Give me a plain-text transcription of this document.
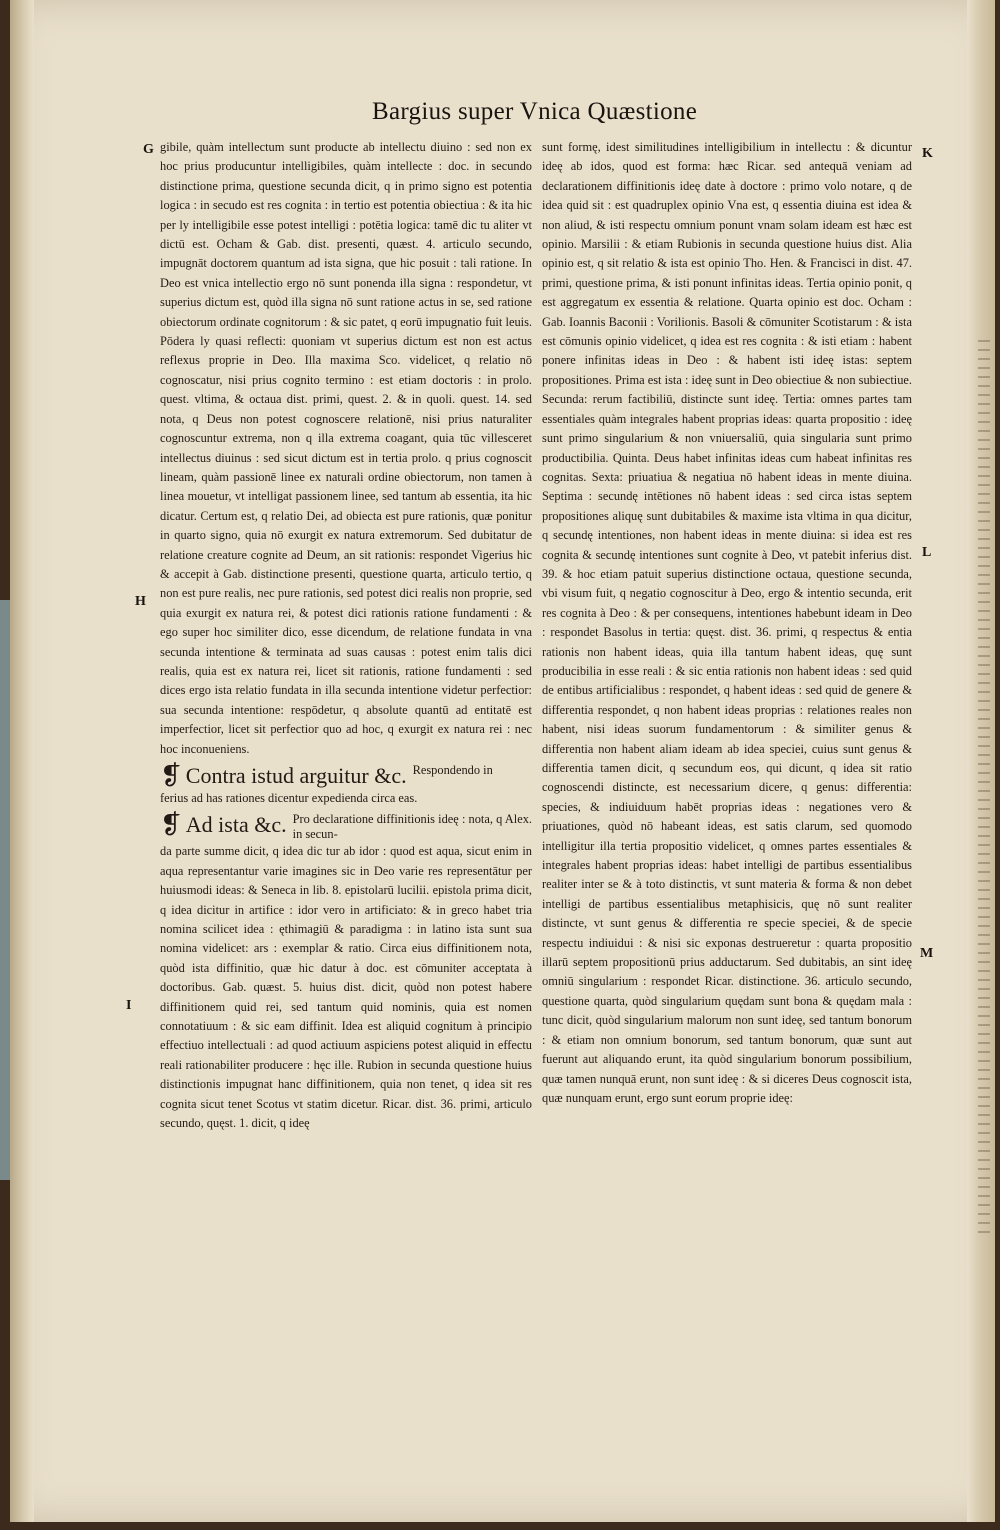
Bargius super Vnica Quæstione
G
H
I
K
L
M

gibile, quàm intellectum sunt producte ab intellectu diuino : sed non ex hoc prius producuntur intelligibiles, quàm intellecte : doc. in secundo distinctione prima, questione secunda dicit, q in primo signo est potentia logica : in secudo est res cognita : in tertio est potentia obiectiua : & ita hic per ly intelligibile esse potest intelligi : potētia logica: tamē dic tu aliter vt dictū est. Ocham & Gab. dist. presenti, quæst. 4. articulo secundo, impugnāt doctorem quantum ad ista signa, que hic posuit : tali ratione. In Deo est vnica intellectio ergo nō sunt ponenda illa signa : respondetur, vt superius dictum est, quòd illa signa nō sunt ratione actus in se, sed ratione obiectorum ordinate cognitorum : & sic patet, q eorū impugnatio fuit leuis. Pōdera ly quasi reflecti: quoniam vt superius dictum est non est actus reflexus proprie in Deo. Illa maxima Sco. videlicet, q relatio nō cognoscatur, nisi prius cognito termino : est etiam doctoris : in prolo. quest. vltima, & octaua dist. primi, quest. 2. & in quoli. quest. 14. sed nota, q Deus non potest cognoscere relationē, nisi prius naturaliter cognoscuntur extrema, non q illa extrema coagant, quia tūc villesceret intellectus diuinus : sed sicut dictum est in tertia prolo. q prius cognoscit lineam, quàm passionē linee ex naturali ordine obiectorum, non tamen à linea mouetur, vt intelligat passionem linee, sed tantum ab essentia, ita hic dicatur. Certum est, q relatio Dei, ad obiecta est pure rationis, quæ ponitur in quarto signo, quia nō exurgit ex natura extremorum. Sed dubitatur de relatione creature cognite ad Deum, an sit rationis: respondet Vigerius hic & accepit à Gab. distinctione presenti, questione quarta, articulo tertio, q non est pure realis, nec pure rationis, sed potest dici realis non proprie, sed quia exurgit ex natura rei, & potest dici rationis ratione fundamenti : & ego super hoc similiter dico, esse dicendum, de relatione fundata in vna secunda intentione & terminata ad suas causas : potest enim talis dici realis, quia est ex natura rei, licet sit rationis, ratione fundamenti : sed dices ergo ista relatio fundata in illa secunda intentione videtur perfectior: sua secunda intentione: respōdetur, q absolute quantū ad entitatē est imperfectior, licet sit perfectior quo ad hoc, q exurgit ex natura rei : nec hoc inconueniens.

❡ Contra istud arguitur &c. Respondendo in

ferius ad has rationes dicentur expedienda circa eas.

❡ Ad ista &c. Pro declaratione diffinitionis ideę : nota, q Alex. in secun-

da parte summe dicit, q idea dic tur ab idor : quod est aqua, sicut enim in aqua representantur varie imagines sic in Deo varie res representātur per huiusmodi ideas: & Seneca in lib. 8. epistolarū lucilii. epistola prima dicit, q idea dicitur in artifice : idor vero in artificiato: & in greco habet tria nomina scilicet idea : ęthimagiū & paradigma : in latino ista sunt sua nomina videlicet: ars : exemplar & ratio. Circa eius diffinitionem nota, quòd ista diffinitio, quæ hic datur à doc. est cōmuniter acceptata à doctoribus. Gab. quæst. 5. huius dist. dicit, quòd non potest habere diffinitionem quid rei, sed tantum quid nominis, quia est nomen connotatiuum : & sic eam diffinit. Idea est aliquid cognitum à principio effectiuo intellectuali : ad quod actiuum aspiciens potest aliquid in effectu reali rationabiliter producere : hęc ille. Rubion in secunda questione huius distinctionis impugnat hanc diffinitionem, quia non tenet, q idea sit res cognita sicut tenet Scotus vt statim dicetur. Ricar. dist. 36. primi, articulo secundo, quęst. 1. dicit, q ideę

sunt formę, idest similitudines intelligibilium in intellectu : & dicuntur ideę ab idos, quod est forma: hæc Ricar. sed antequā veniam ad declarationem diffinitionis ideę date à doctore : primo volo notare, q de idea quid sit : est quadruplex opinio Vna est, q essentia diuina est idea & non aliud, & isti respectu omnium ponunt vnam solam ideam est hæc est opinio. Marsilii : & etiam Rubionis in secunda questione huius dist. Alia opinio est, q sit relatio & ista est opinio Tho. Hen. & Francisci in dist. 47. primi, questione prima, & isti ponunt infinitas ideas. Tertia opinio ponit, q est aggregatum ex essentia & relatione. Quarta opinio est doc. Ocham : Gab. Ioannis Baconii : Vorilionis. Basoli & cōmuniter Scotistarum : & ista est cōmunis opinio videlicet, q idea est res cognita : & isti etiam : habent ponere infinitas ideas in Deo : & habent isti ideę istas: septem propositiones. Prima est ista : ideę sunt in Deo obiectiue & non subiectiue. Secunda: rerum factibiliū, distincte sunt ideę. Tertia: omnes partes tam essentiales quàm integrales habent proprias ideas: quarta propositio : ideę sunt primo singularium & non vniuersaliū, quia singularia sunt primo productibilia. Quinta. Deus habet infinitas ideas cum habeat infinitas res cognitas. Sexta: priuatiua & negatiua nō habent ideas in mente diuina. Septima : secundę intētiones nō habent ideas : sed circa istas septem propositiones aliquę sunt dubitabiles & maxime ista vltima in qua dicitur, q secundę intentiones, non habent ideas in mente diuina: si idea est res cognita & secundę intentiones sunt cognite à Deo, vt patebit inferius dist. 39. & hoc etiam patuit superius distinctione octaua, questione secunda, vbi visum fuit, q negatio cognoscitur à Deo, ergo & intentio secunda, erit res cognita à Deo : & per consequens, intentiones habebunt ideam in Deo : respondet Basolus in tertia: quęst. dist. 36. primi, q respectus & entia rationis non habent ideas, quia illa tantum habent ideas, quę sunt producibilia in esse reali : & sic entia rationis non habent ideas : sed quid de entibus artificialibus : respondet, q habent ideas : sed quid de genere & differentia respondet, q non habent ideas proprias : relationes reales non habent, nisi ideas suorum fundamentorum : & similiter genus & differentia non habent aliam ideam ab idea speciei, cuius sunt genus & differentia tamen dicit, q secundum eos, qui dicunt, q idea sit ratio cognoscendi distincte, est necessarium dicere, q genus: differentia: species, & indiuiduum habēt proprias ideas : negationes vero & priuationes, quòd nō habeant ideas, est satis clarum, sed quomodo intelligitur illa tertia propositio videlicet, q omnes partes essentiales & integrales habent proprias ideas: habet intelligi de partibus essentialibus realiter inter se & à toto distinctis, vt sunt materia & forma & non debet intelligi de partibus essentialibus metaphisicis, quę nō sunt realiter distincte, vt sunt genus & differentia re specie speciei, & de specie respectu indiuidui : & nisi sic exponas destrueretur : quarta propositio illarū septem propositionū prius adductarum. Sed dubitabis, an sint ideę omniū singularium : respondet Ricar. distinctione. 36. articulo secundo, questione quarta, quòd singularium quędam sunt bona & quędam mala : tunc dicit, quòd singularium malorum non sunt ideę, sed tantum bonorum : & etiam non omnium bonorum, sed tantum bonorum, quæ sunt aut fuerunt aut aliquando erunt, ita quòd singularium bonorum possibilium, quæ tamen nunquā erunt, non sunt ideę : & si diceres Deus cognoscit ista, quæ nunquam erunt, ergo sunt eorum proprie ideę:
